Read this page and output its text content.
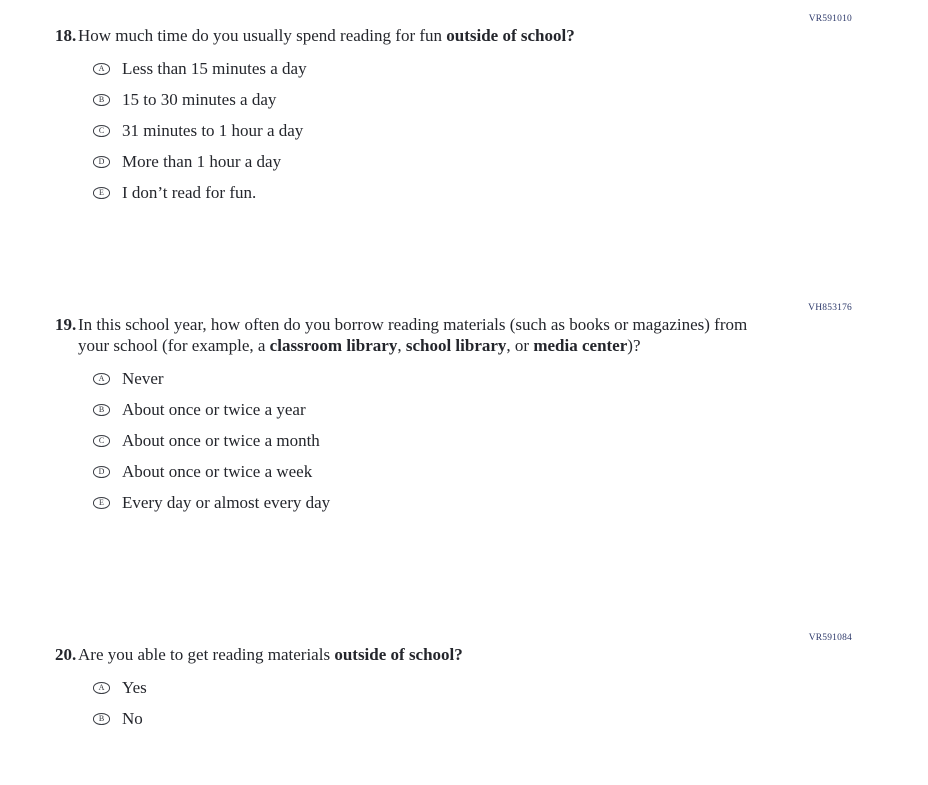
VR591010
18. How much time do you usually spend reading for fun outside of school?
A	Less than 15 minutes a day
B	15 to 30 minutes a day
C	31 minutes to 1 hour a day
D	More than 1 hour a day
E	I don’t read for fun.
VH853176
19. In this school year, how often do you borrow reading materials (such as books or magazines) from your school (for example, a classroom library, school library, or media center)?
A	Never
B	About once or twice a year
C	About once or twice a month
D	About once or twice a week
E	Every day or almost every day
VR591084
20. Are you able to get reading materials outside of school?
A	Yes
B	No
